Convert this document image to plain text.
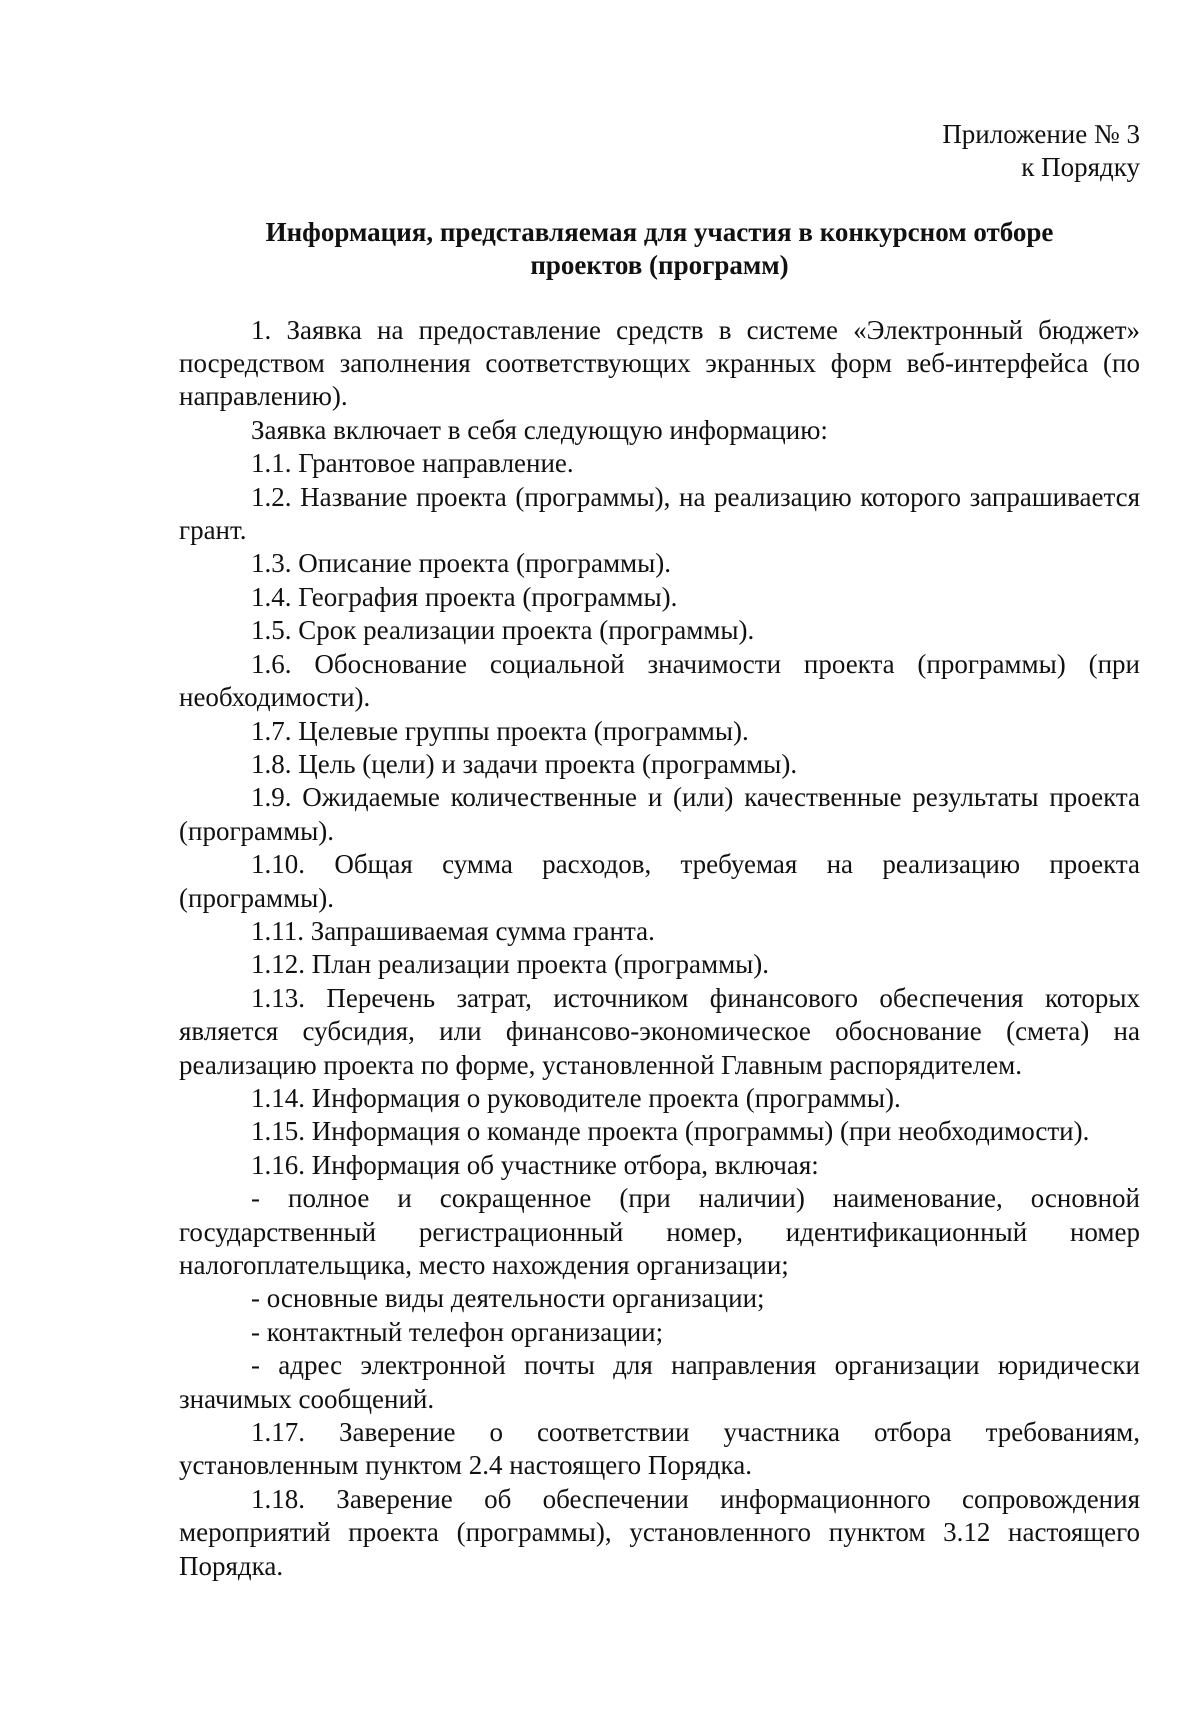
Приложение № 3
к Порядку
Информация, представляемая для участия в конкурсном отборе
проектов (программ)

1. Заявка на предоставление средств в системе «Электронный бюджет» посредством заполнения соответствующих экранных форм веб-интерфейса (по направлению).

Заявка включает в себя следующую информацию:

1.1. Грантовое направление.

1.2. Название проекта (программы), на реализацию которого запрашивается грант.

1.3. Описание проекта (программы).

1.4. География проекта (программы).

1.5. Срок реализации проекта (программы).

1.6. Обоснование социальной значимости проекта (программы) (при необходимости).

1.7. Целевые группы проекта (программы).

1.8. Цель (цели) и задачи проекта (программы).

1.9. Ожидаемые количественные и (или) качественные результаты проекта (программы).

1.10. Общая сумма расходов, требуемая на реализацию проекта (программы).

1.11. Запрашиваемая сумма гранта.

1.12. План реализации проекта (программы).

1.13. Перечень затрат, источником финансового обеспечения которых является субсидия, или финансово-экономическое обоснование (смета) на реализацию проекта по форме, установленной Главным распорядителем.

1.14. Информация о руководителе проекта (программы).

1.15. Информация о команде проекта (программы) (при необходимости).

1.16. Информация об участнике отбора, включая:

- полное и сокращенное (при наличии) наименование, основной государственный регистрационный номер, идентификационный номер налогоплательщика, место нахождения организации;

- основные виды деятельности организации;

- контактный телефон организации;

- адрес электронной почты для направления организации юридически значимых сообщений.

1.17. Заверение о соответствии участника отбора требованиям, установленным пунктом 2.4 настоящего Порядка.

1.18. Заверение об обеспечении информационного сопровождения мероприятий проекта (программы), установленного пунктом 3.12 настоящего Порядка.
